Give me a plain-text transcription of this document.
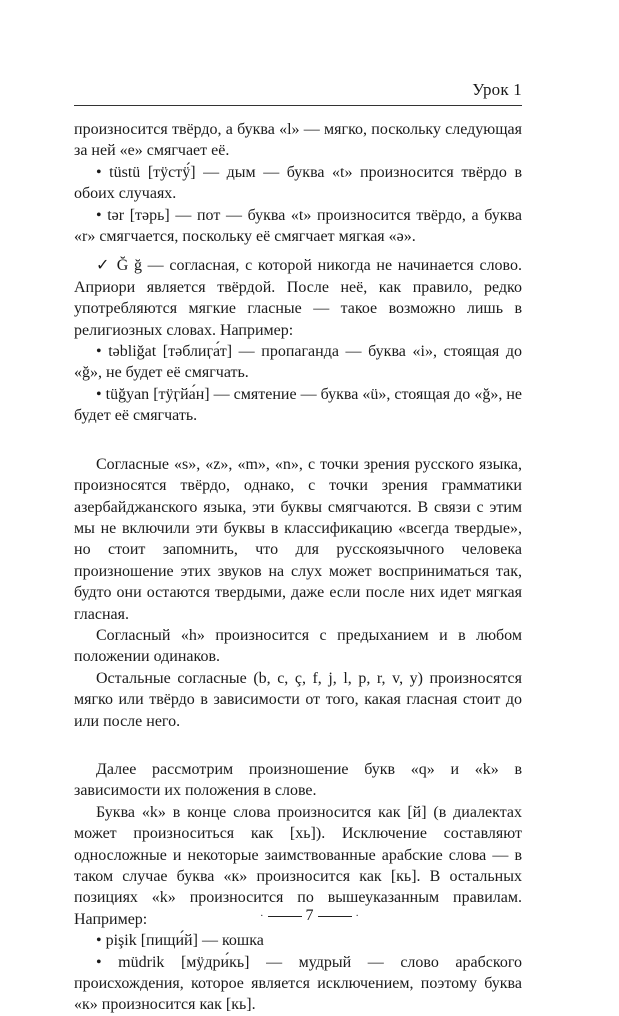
Урок 1

произносится твёрдо, а буква «l» — мягко, поскольку следующая за ней «е» смягчает её.

• tüstü [тӱстӱ́] — дым — буква «t» произносится твёрдо в обоих случаях.

• tər [тәрь] — пот — буква «t» произносится твёрдо, а буква «r» смягчается, поскольку её смягчает мягкая «ə».

✓ Ğ ğ — согласная, с которой никогда не начинается слово. Априори является твёрдой. После неё, как правило, редко употребляются мягкие гласные — такое возможно лишь в религиозных словах. Например:

• təbliğat [тәблиӷа́т] — пропаганда — буква «i», стоящая до «ğ», не будет её смягчать.

• tüğyan [тӱӷйа́н] — смятение — буква «ü», стоящая до «ğ», не будет её смягчать.

Согласные «s», «z», «m», «n», с точки зрения русского языка, произносятся твёрдо, однако, с точки зрения грамматики азербайджанского языка, эти буквы смягчаются. В связи с этим мы не включили эти буквы в классификацию «всегда твердые», но стоит запомнить, что для русскоязычного человека произношение этих звуков на слух может восприниматься так, будто они остаются твердыми, даже если после них идет мягкая гласная.

Согласный «h» произносится с предыханием и в любом положении одинаков.

Остальные согласные (b, c, ç, f, j, l, p, r, v, y) произносятся мягко или твёрдо в зависимости от того, какая гласная стоит до или после него.

Далее рассмотрим произношение букв «q» и «k» в зависимости их положения в слове.

Буква «k» в конце слова произносится как [й] (в диалектах может произноситься как [хь]). Исключение составляют односложные и некоторые заимствованные арабские слова — в таком случае буква «к» произносится как [кь]. В остальных позициях «k» произносится по вышеуказанным правилам. Например:

• pişik [пищи́й] — кошка

• müdrik [мӱдри́кь] — мудрый — слово арабского происхождения, которое является исключением, поэтому буква «к» произносится как [кь].

·	7	·
